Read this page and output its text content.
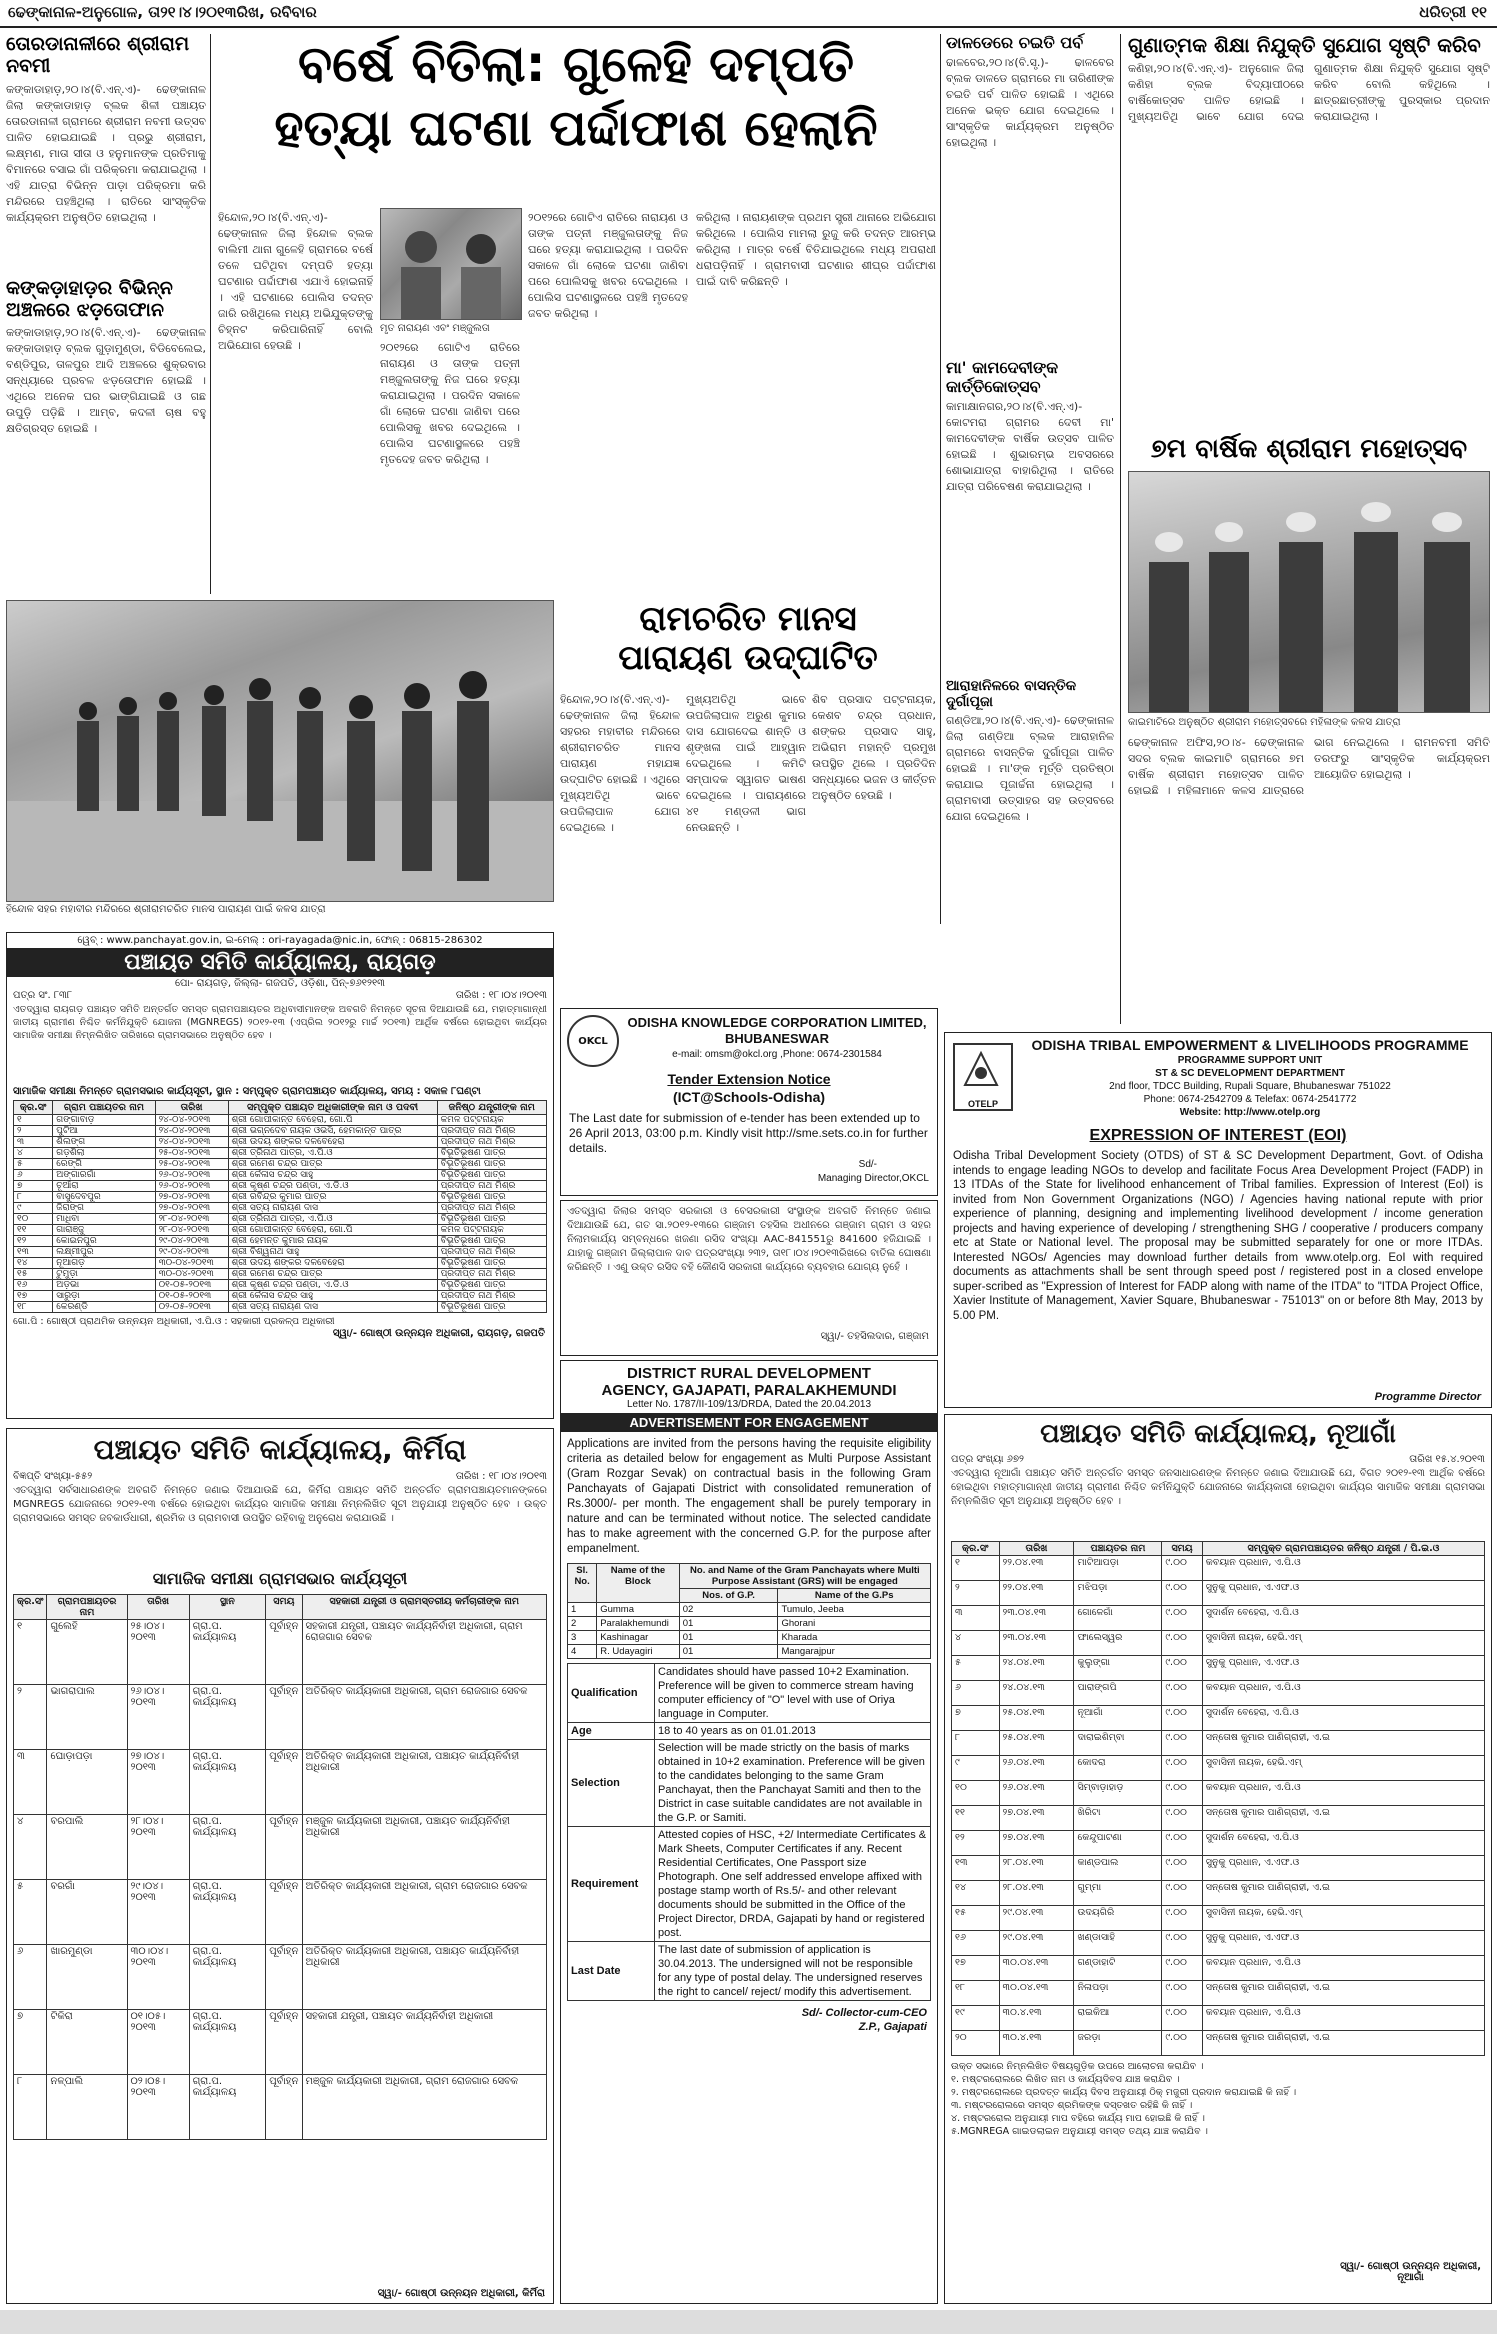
ଢେଙ୍କାନାଳ-ଅନୁଗୋଳ, ତା୨୧।୪।୨୦୧୩ରିଖ, ରବିବାର	ଧରିତ୍ରୀ ୧୧
ତୋରଡାନାଳୀରେ ଶ୍ରୀରାମ ନବମୀ
କଙ୍କାଡାହାଡ଼,୨୦।୪(ବି.ଏନ୍.ଏ)- ଢେଙ୍କାନାଳ ଜିଲା କଙ୍କାଡାହାଡ଼ ବ୍ଲକ ଶିଳୀ ପଞ୍ଚାୟତ ତୋରଡାନାଳୀ ଗ୍ରାମରେ ଶ୍ରୀରାମ ନବମୀ ଉତ୍ସବ ପାଳିତ ହୋଇଯାଇଛି । ପ୍ରଭୁ ଶ୍ରୀରାମ, ଲକ୍ଷ୍ମଣ, ମାତା ସୀତା ଓ ହନୁମାନଙ୍କ ପ୍ରତିମାକୁ ବିମାନରେ ବସାଇ ଗାଁ ପରିକ୍ରମା କରାଯାଇଥିଲା । ଏହି ଯାତ୍ରା ବିଭିନ୍ନ ପାଡ଼ା ପରିକ୍ରମା କରି ମନ୍ଦିରରେ ପହଞ୍ଚିଥିଲା । ରାତିରେ ସାଂସ୍କୃତିକ କାର୍ଯ୍ୟକ୍ରମ ଅନୁଷ୍ଠିତ ହୋଇଥିଲା ।
କଙ୍କଡ଼ାହାଡ଼ର ବିଭିନ୍ନ ଅଞ୍ଚଳରେ ଝଡ଼ତୋଫାନ
କଙ୍କାଡାହାଡ଼,୨୦।୪(ବି.ଏନ୍.ଏ)- ଢେଙ୍କାନାଳ କଙ୍କାଡାହାଡ଼ ବ୍ଲକ ଗୁଡ଼ାମୁଣ୍ଡା, ବିଡିବେଲେଇ, ବଣ୍ଡିପୁର, ତାଳପୁର ଆଦି ଅଞ୍ଚଳରେ ଶୁକ୍ରବାର ସନ୍ଧ୍ୟାରେ ପ୍ରବଳ ଝଡ଼ତୋଫାନ ହୋଇଛି । ଏଥିରେ ଅନେକ ଘର ଭାଙ୍ଗିଯାଇଛି ଓ ଗଛ ଉପୁଡ଼ି ପଡ଼ିଛି । ଆମ୍ବ, କଦଳୀ ଚାଷ ବହୁ କ୍ଷତିଗ୍ରସ୍ତ ହୋଇଛି ।
ବର୍ଷେ ବିତିଲା: ଗୁଳେହି ଦମ୍ପତି
ହତ୍ୟା ଘଟଣା ପର୍ଦ୍ଦାଫାଶ ହେଲାନି
ହିନ୍ଦୋଳ,୨୦।୪(ବି.ଏନ୍.ଏ)- ଢେଙ୍କାନାଳ ଜିଲା ହିନ୍ଦୋଳ ବ୍ଲକ ବାଲିମୀ ଥାନା ଗୁଳେହି ଗ୍ରାମରେ ବର୍ଷେ ତଳେ ଘଟିଥିବା ଦମ୍ପତି ହତ୍ୟା ଘଟଣାର ପର୍ଦ୍ଦାଫାଶ ଏଯାଏଁ ହୋଇନାହିଁ । ଏହି ଘଟଣାରେ ପୋଲିସ ତଦନ୍ତ ଜାରି ରଖିଥିଲେ ମଧ୍ୟ ଅଭିଯୁକ୍ତଙ୍କୁ ଚିହ୍ନଟ କରିପାରିନାହିଁ ବୋଲି ଅଭିଯୋଗ ହେଉଛି ।
ମୃତ ନାରାୟଣ ଏବଂ ମଞ୍ଜୁଲତା
୨୦୧୨ରେ ଗୋଟିଏ ରାତିରେ ନାରାୟଣ ଓ ତାଙ୍କ ପତ୍ନୀ ମଞ୍ଜୁଲତାଙ୍କୁ ନିଜ ଘରେ ହତ୍ୟା କରାଯାଇଥିଲା । ପରଦିନ ସକାଳେ ଗାଁ ଲୋକେ ଘଟଣା ଜାଣିବା ପରେ ପୋଲିସକୁ ଖବର ଦେଇଥିଲେ । ପୋଲିସ ଘଟଣାସ୍ଥଳରେ ପହଞ୍ଚି ମୃତଦେହ ଜବତ କରିଥିଲା ।
୨୦୧୨ରେ ଗୋଟିଏ ରାତିରେ ନାରାୟଣ ଓ ତାଙ୍କ ପତ୍ନୀ ମଞ୍ଜୁଲତାଙ୍କୁ ନିଜ ଘରେ ହତ୍ୟା କରାଯାଇଥିଲା । ପରଦିନ ସକାଳେ ଗାଁ ଲୋକେ ଘଟଣା ଜାଣିବା ପରେ ପୋଲିସକୁ ଖବର ଦେଇଥିଲେ । ପୋଲିସ ଘଟଣାସ୍ଥଳରେ ପହଞ୍ଚି ମୃତଦେହ ଜବତ କରିଥିଲା ।
କରିଥିଲା । ନାରାୟଣଙ୍କ ପ୍ରଥମ ସ୍ତ୍ରୀ ଥାନାରେ ଅଭିଯୋଗ କରିଥିଲେ । ପୋଲିସ ମାମଲା ରୁଜୁ କରି ତଦନ୍ତ ଆରମ୍ଭ କରିଥିଲା । ମାତ୍ର ବର୍ଷେ ବିତିଯାଇଥିଲେ ମଧ୍ୟ ଅପରାଧୀ ଧରାପଡ଼ିନାହିଁ । ଗ୍ରାମବାସୀ ଘଟଣାର ଶୀଘ୍ର ପର୍ଦ୍ଦାଫାଶ ପାଇଁ ଦାବି କରିଛନ୍ତି ।
ହିନ୍ଦୋଳ ସହର ମହାବୀର ମନ୍ଦିରରେ ଶ୍ରୀରାମଚରିତ ମାନସ ପାରାୟଣ ପାଇଁ କଳସ ଯାତ୍ରା
ରାମଚରିତ ମାନସ
ପାରାୟଣ ଉଦ୍‌ଘାଟିତ
ହିନ୍ଦୋଳ,୨୦।୪(ବି.ଏନ୍.ଏ)- ଢେଙ୍କାନାଳ ଜିଲା ହିନ୍ଦୋଳ ସହରର ମହାବୀର ମନ୍ଦିରରେ ଶ୍ରୀରାମଚରିତ ମାନସ ପାରାୟଣ ମହାଯଜ୍ଞ ଉଦ୍‌ଘାଟିତ ହୋଇଛି । ଏଥିରେ ମୁଖ୍ୟଅତିଥି ଭାବେ ଉପଜିଲାପାଳ ଯୋଗ ଦେଇଥିଲେ ।
ମୁଖ୍ୟଅତିଥି ଭାବେ ଉପଜିଲାପାଳ ଅରୁଣ କୁମାର ଦାସ ଯୋଗଦେଇ ଶାନ୍ତି ଓ ଶୃଙ୍ଖଳା ପାଇଁ ଆହ୍ୱାନ ଦେଇଥିଲେ । କମିଟି ସମ୍ପାଦକ ସ୍ୱାଗତ ଭାଷଣ ଦେଇଥିଲେ । ପାରାୟଣରେ ୪୧ ମଣ୍ଡଳୀ ଭାଗ ନେଉଛନ୍ତି ।
ଶିବ ପ୍ରସାଦ ପଟ୍ଟନାୟକ, କେଶବ ଚନ୍ଦ୍ର ପ୍ରଧାନ, ଶଙ୍କର ପ୍ରସାଦ ସାହୁ, ଅଭିରାମ ମହାନ୍ତି ପ୍ରମୁଖ ଉପସ୍ଥିତ ଥିଲେ । ପ୍ରତିଦିନ ସନ୍ଧ୍ୟାରେ ଭଜନ ଓ କୀର୍ତ୍ତନ ଅନୁଷ୍ଠିତ ହେଉଛି ।
ଡାଳଡେରେ ଚଇତି ପର୍ବ
ଢାଳବେର,୨୦।୪(ବି.ସୃ.)- ଢାଳବେର ବ୍ଲକ ଡାଳଡେ ଗ୍ରାମରେ ମା ତାରିଣୀଙ୍କ ଚଇତି ପର୍ବ ପାଳିତ ହୋଇଛି । ଏଥିରେ ଅନେକ ଭକ୍ତ ଯୋଗ ଦେଇଥିଲେ । ସାଂସ୍କୃତିକ କାର୍ଯ୍ୟକ୍ରମ ଅନୁଷ୍ଠିତ ହୋଇଥିଲା ।
ମା' କାମଦେବୀଙ୍କ କାର୍ତ୍ତିକୋତ୍ସବ
କାମାକ୍ଷାନଗର,୨୦।୪(ବି.ଏନ୍.ଏ)- କୋଟମରା ଗ୍ରାମର ଦେବୀ ମା' କାମଦେବୀଙ୍କ ବାର୍ଷିକ ଉତ୍ସବ ପାଳିତ ହୋଇଛି । ଶୁଭାରମ୍ଭ ଅବସରରେ ଶୋଭାଯାତ୍ରା ବାହାରିଥିଲା । ରାତିରେ ଯାତ୍ରା ପରିବେଷଣ କରାଯାଇଥିଲା ।
ଆରାହାନିଳରେ ବାସନ୍ତିକ ଦୁର୍ଗାପୂଜା
ଗଣ୍ଡିଆ,୨୦।୪(ବି.ଏନ୍.ଏ)- ଢେଙ୍କାନାଳ ଜିଲା ଗଣ୍ଡିଆ ବ୍ଲକ ଆରାହାନିଳ ଗ୍ରାମରେ ବାସନ୍ତିକ ଦୁର୍ଗାପୂଜା ପାଳିତ ହୋଇଛି । ମା'ଙ୍କ ମୂର୍ତ୍ତି ପ୍ରତିଷ୍ଠା କରାଯାଇ ପୂଜାର୍ଚ୍ଚନା ହୋଇଥିଲା । ଗ୍ରାମବାସୀ ଉତ୍ସାହର ସହ ଉତ୍ସବରେ ଯୋଗ ଦେଇଥିଲେ ।
ଗୁଣାତ୍ମକ ଶିକ୍ଷା ନିଯୁକ୍ତି ସୁଯୋଗ ସୃଷ୍ଟି କରିବ
କଣିହା,୨୦।୪(ବି.ଏନ୍.ଏ)- ଅନୁଗୋଳ ଜିଲା କଣିହା ବ୍ଲକ ବିଦ୍ୟାପୀଠରେ ବାର୍ଷିକୋତ୍ସବ ପାଳିତ ହୋଇଛି । ମୁଖ୍ୟଅତିଥି ଭାବେ ଯୋଗ ଦେଇ ଗୁଣାତ୍ମକ ଶିକ୍ଷା ନିଯୁକ୍ତି ସୁଯୋଗ ସୃଷ୍ଟି କରିବ ବୋଲି କହିଥିଲେ । ଛାତ୍ରଛାତ୍ରୀଙ୍କୁ ପୁରସ୍କାର ପ୍ରଦାନ କରାଯାଇଥିଲା ।
୭ମ ବାର୍ଷିକ ଶ୍ରୀରାମ ମହୋତ୍ସବ
କାଇମାଟିରେ ଅନୁଷ୍ଠିତ ଶ୍ରୀରାମ ମହୋତ୍ସବରେ ମହିଳାଙ୍କ କଳସ ଯାତ୍ରା
ଢେଙ୍କାନାଳ ଅଫିସ,୨୦।୪- ଢେଙ୍କାନାଳ ସଦର ବ୍ଲକ କାଇମାଟି ଗ୍ରାମରେ ୭ମ ବାର୍ଷିକ ଶ୍ରୀରାମ ମହୋତ୍ସବ ପାଳିତ ହୋଇଛି । ମହିଳାମାନେ କଳସ ଯାତ୍ରାରେ ଭାଗ ନେଇଥିଲେ । ରାମନବମୀ ସମିତି ତରଫରୁ ସାଂସ୍କୃତିକ କାର୍ଯ୍ୟକ୍ରମ ଆୟୋଜିତ ହୋଇଥିଲା ।
ୱେବ୍ : www.panchayat.gov.in, ଇ-ମେଲ୍ : ori-rayagada@nic.in, ଫୋନ୍ : 06815-286302
ପଞ୍ଚାୟତ ସମିତି କାର୍ଯ୍ୟାଳୟ, ରାୟଗଡ଼
ପୋ- ରାୟଗଡ଼, ଜିଲ୍ଲା- ଗଜପତି, ଓଡ଼ିଶା, ପିନ୍-୭୬୧୨୧୩
ପତ୍ର ସଂ. ୮୩୮	ତାରିଖ : ୧୮।୦୪।୨୦୧୩
ଏତଦ୍ୱାରା ରାୟଗଡ଼ ପଞ୍ଚାୟତ ସମିତି ଅନ୍ତର୍ଗତ ସମସ୍ତ ଗ୍ରାମପଞ୍ଚାୟତର ଅଧିବାସୀମାନଙ୍କ ଅବଗତି ନିମନ୍ତେ ସୂଚନା ଦିଆଯାଉଛି ଯେ, ମହାତ୍ମାଗାନ୍ଧୀ ଜାତୀୟ ଗ୍ରାମୀଣ ନିଶ୍ଚିତ କର୍ମନିଯୁକ୍ତି ଯୋଜନା (MGNREGS) ୨୦୧୨-୧୩ (ଏପ୍ରିଲ ୨୦୧୨ରୁ ମାର୍ଚ୍ଚ ୨୦୧୩) ଆର୍ଥିକ ବର୍ଷରେ ହୋଇଥିବା କାର୍ଯ୍ୟର ସାମାଜିକ ସମୀକ୍ଷା ନିମ୍ନଲିଖିତ ତାରିଖରେ ଗ୍ରାମସଭାରେ ଅନୁଷ୍ଠିତ ହେବ ।
ସାମାଜିକ ସମୀକ୍ଷା ନିମନ୍ତେ ଗ୍ରାମସଭାର କାର୍ଯ୍ୟସୂଚୀ, ସ୍ଥାନ : ସମ୍ପୃକ୍ତ ଗ୍ରାମପଞ୍ଚାୟତ କାର୍ଯ୍ୟାଳୟ, ସମୟ : ସକାଳ ୮ଘଣ୍ଟା
କ୍ର.ସଂ	ଗ୍ରାମ ପଞ୍ଚାୟତର ନାମ	ତାରିଖ	ସମ୍ପୃକ୍ତ ପଞ୍ଚାୟତ ଅଧିକାରୀଙ୍କ ନାମ ଓ ପଦବୀ	ଜନିଷ୍ଠ ଯନ୍ତ୍ରୀଙ୍କ ନାମ
୧	ଗଙ୍ଗାବାଡ଼	୨୪-୦୪-୨୦୧୩	ଶ୍ରୀ ଗୋପୀକାନ୍ତ ବେହେରା, ଗୋ.ପି	କମଳ ପଟ୍ଟନାୟକ
୨	ପୁଟିଆ	୨୪-୦୪-୨୦୧୩	ଶ୍ରୀ ଭଗ୍ନଦେବ ନାୟକ ଓଭସି, ହେମକାନ୍ତ ପାତ୍ର	ପ୍ରଦୀପ୍ତ ନାଥ ମିଶ୍ର
୩	ଶିଲଙ୍ଗ	୨୪-୦୪-୨୦୧୩	ଶ୍ରୀ ଉଦୟ ଶଙ୍କର ଦଳବେହେରା	ପ୍ରଦୀପ୍ତ ନାଥ ମିଶ୍ର
୪	ଗଡ଼ଶିଲା	୨୫-୦୪-୨୦୧୩	ଶ୍ରୀ ତ୍ରିନାଥ ପାତ୍ର, ଏ.ପି.ଓ	ବିଭୂତିଭୂଷଣ ପାତ୍ର
୫	ରେଙ୍ଗି	୨୫-୦୪-୨୦୧୩	ଶ୍ରୀ ରମେଶ ଚନ୍ଦ୍ର ପାତ୍ର	ବିଭୂତିଭୂଷଣ ପାତ୍ର
୬	ଅଙ୍ଗାରଗାଁ	୨୬-୦୪-୨୦୧୩	ଶ୍ରୀ କୈଳାସ ଚନ୍ଦ୍ର ସାହୁ	ବିଭୂତିଭୂଷଣ ପାତ୍ର
୭	ଚୂଆଁରା	୨୬-୦୪-୨୦୧୩	ଶ୍ରୀ କୃଷ୍ଣ ଚନ୍ଦ୍ର ପଣ୍ଡା, ଏ.ଡି.ଓ	ପ୍ରଦୀପ୍ତ ନାଥ ମିଶ୍ର
୮	ବାସୁଦେବପୁର	୨୭-୦୪-୨୦୧୩	ଶ୍ରୀ ରବିନ୍ଦ୍ର କୁମାର ପାତ୍ର	ବିଭୂତିଭୂଷଣ ପାତ୍ର
୯	ଜିରାଙ୍ଗ	୨୭-୦୪-୨୦୧୩	ଶ୍ରୀ ସତ୍ୟ ନାରାୟଣ ଦାସ	ପ୍ରଦୀପ୍ତ ନାଥ ମିଶ୍ର
୧୦	ମାଧିବା	୨୮-୦୪-୨୦୧୩	ଶ୍ରୀ ତ୍ରିନାଥ ପାତ୍ର, ଏ.ପି.ଓ	ବିଭୂତିଭୂଷଣ ପାତ୍ର
୧୧	ଗାରାଞ୍ଜୁ	୨୮-୦୪-୨୦୧୩	ଶ୍ରୀ ଗୋପୀକାନ୍ତ ବେହେରା, ଗୋ.ପି	କମଳ ପଟ୍ଟନାୟକ
୧୨	କୋଇନପୁର	୨୯-୦୪-୨୦୧୩	ଶ୍ରୀ ହେମନ୍ତ କୁମାର ନାୟକ	ବିଭୂତିଭୂଷଣ ପାତ୍ର
୧୩	ଲକ୍ଷ୍ମୀପୁର	୨୯-୦୪-୨୦୧୩	ଶ୍ରୀ ବିଶ୍ୱନାଥ ସାହୁ	ପ୍ରଦୀପ୍ତ ନାଥ ମିଶ୍ର
୧୪	ନୂଆଗଡ଼	୩୦-୦୪-୨୦୧୩	ଶ୍ରୀ ଉଦୟ ଶଙ୍କର ଦଳବେହେରା	ବିଭୂତିଭୂଷଣ ପାତ୍ର
୧୫	ଟୁମୁଡ଼ା	୩୦-୦୪-୨୦୧୩	ଶ୍ରୀ ରମେଶ ଚନ୍ଦ୍ର ପାତ୍ର	ପ୍ରଦୀପ୍ତ ନାଥ ମିଶ୍ର
୧୬	ଅଡ଼ଭା	୦୧-୦୫-୨୦୧୩	ଶ୍ରୀ କୃଷ୍ଣ ଚନ୍ଦ୍ର ପଣ୍ଡା, ଏ.ଡି.ଓ	ବିଭୂତିଭୂଷଣ ପାତ୍ର
୧୭	ସାରୁଡ଼ା	୦୧-୦୫-୨୦୧୩	ଶ୍ରୀ କୈଳାସ ଚନ୍ଦ୍ର ସାହୁ	ପ୍ରଦୀପ୍ତ ନାଥ ମିଶ୍ର
୧୮	କେରଣ୍ଡି	୦୨-୦୫-୨୦୧୩	ଶ୍ରୀ ସତ୍ୟ ନାରାୟଣ ଦାସ	ବିଭୂତିଭୂଷଣ ପାତ୍ର
ଗୋ.ପି : ଗୋଷ୍ଠୀ ପ୍ରାଥମିକ ଉନ୍ନୟନ ଅଧିକାରୀ, ଏ.ପି.ଓ : ସହକାରୀ ପ୍ରକଳ୍ପ ଅଧିକାରୀ
ସ୍ୱା/- ଗୋଷ୍ଠୀ ଉନ୍ନୟନ ଅଧିକାରୀ, ରାୟଗଡ଼, ଗଜପତି
ପଞ୍ଚାୟତ ସମିତି କାର୍ଯ୍ୟାଳୟ, କିର୍ମିରା
ବିଜ୍ଞପ୍ତି ସଂଖ୍ୟା-୫୫୨	ତାରିଖ : ୧୮।୦୪।୨୦୧୩
ଏତଦ୍ୱାରା ସର୍ବସାଧାରଣଙ୍କ ଅବଗତି ନିମନ୍ତେ ଜଣାଇ ଦିଆଯାଉଛି ଯେ, କିର୍ମିରା ପଞ୍ଚାୟତ ସମିତି ଅନ୍ତର୍ଗତ ଗ୍ରାମପଞ୍ଚାୟତମାନଙ୍କରେ MGNREGS ଯୋଜନାରେ ୨୦୧୨-୧୩ ବର୍ଷରେ ହୋଇଥିବା କାର୍ଯ୍ୟର ସାମାଜିକ ସମୀକ୍ଷା ନିମ୍ନଲିଖିତ ସୂଚୀ ଅନୁଯାୟୀ ଅନୁଷ୍ଠିତ ହେବ । ଉକ୍ତ ଗ୍ରାମସଭାରେ ସମସ୍ତ ଜବକାର୍ଡଧାରୀ, ଶ୍ରମିକ ଓ ଗ୍ରାମବାସୀ ଉପସ୍ଥିତ ରହିବାକୁ ଅନୁରୋଧ କରାଯାଉଛି ।
ସାମାଜିକ ସମୀକ୍ଷା ଗ୍ରାମସଭାର କାର୍ଯ୍ୟସୂଚୀ
କ୍ର.ସଂ	ଗ୍ରାମପଞ୍ଚାୟତର ନାମ	ତାରିଖ	ସ୍ଥାନ	ସମୟ	ସହକାରୀ ଯନ୍ତ୍ରୀ ଓ ଗ୍ରାମସ୍ତରୀୟ କର୍ମଚାରୀଙ୍କ ନାମ
୧	ଗୁଲେହି	୨୫।୦୪।୨୦୧୩	ଗ୍ରା.ପ. କାର୍ଯ୍ୟାଳୟ	ପୂର୍ବାହ୍ନ	ସହକାରୀ ଯନ୍ତ୍ରୀ, ପଞ୍ଚାୟତ କାର୍ଯ୍ୟନିର୍ବାହୀ ଅଧିକାରୀ, ଗ୍ରାମ ରୋଜଗାର ସେବକ
୨	ଭାଗରାପାଲ	୨୬।୦୪।୨୦୧୩	ଗ୍ରା.ପ. କାର୍ଯ୍ୟାଳୟ	ପୂର୍ବାହ୍ନ	ଅତିରିକ୍ତ କାର୍ଯ୍ୟକାରୀ ଅଧିକାରୀ, ଗ୍ରାମ ରୋଜଗାର ସେବକ
୩	ଘୋଡ଼ାପଡ଼ା	୨୭।୦୪।୨୦୧୩	ଗ୍ରା.ପ. କାର୍ଯ୍ୟାଳୟ	ପୂର୍ବାହ୍ନ	ଅତିରିକ୍ତ କାର୍ଯ୍ୟକାରୀ ଅଧିକାରୀ, ପଞ୍ଚାୟତ କାର୍ଯ୍ୟନିର୍ବାହୀ ଅଧିକାରୀ
୪	ବରପାଲି	୨୮।୦୪।୨୦୧୩	ଗ୍ରା.ପ. କାର୍ଯ୍ୟାଳୟ	ପୂର୍ବାହ୍ନ	ମଞ୍ଜୁଳ କାର୍ଯ୍ୟକାରୀ ଅଧିକାରୀ, ପଞ୍ଚାୟତ କାର୍ଯ୍ୟନିର୍ବାହୀ ଅଧିକାରୀ
୫	ବରଗାଁ	୨୯।୦୪।୨୦୧୩	ଗ୍ରା.ପ. କାର୍ଯ୍ୟାଳୟ	ପୂର୍ବାହ୍ନ	ଅତିରିକ୍ତ କାର୍ଯ୍ୟକାରୀ ଅଧିକାରୀ, ଗ୍ରାମ ରୋଜଗାର ସେବକ
୬	ଖାରମୁଣ୍ଡା	୩୦।୦୪।୨୦୧୩	ଗ୍ରା.ପ. କାର୍ଯ୍ୟାଳୟ	ପୂର୍ବାହ୍ନ	ଅତିରିକ୍ତ କାର୍ଯ୍ୟକାରୀ ଅଧିକାରୀ, ପଞ୍ଚାୟତ କାର୍ଯ୍ୟନିର୍ବାହୀ ଅଧିକାରୀ
୭	ଟିକିରା	୦୧।୦୫।୨୦୧୩	ଗ୍ରା.ପ. କାର୍ଯ୍ୟାଳୟ	ପୂର୍ବାହ୍ନ	ସହକାରୀ ଯନ୍ତ୍ରୀ, ପଞ୍ଚାୟତ କାର୍ଯ୍ୟନିର୍ବାହୀ ଅଧିକାରୀ
୮	ନଳ୍ପାଲି	୦୨।୦୫।୨୦୧୩	ଗ୍ରା.ପ. କାର୍ଯ୍ୟାଳୟ	ପୂର୍ବାହ୍ନ	ମଞ୍ଜୁଳ କାର୍ଯ୍ୟକାରୀ ଅଧିକାରୀ, ଗ୍ରାମ ରୋଜଗାର ସେବକ
ସ୍ୱା/- ଗୋଷ୍ଠୀ ଉନ୍ନୟନ ଅଧିକାରୀ, କିର୍ମିରା
OKCL
ODISHA KNOWLEDGE CORPORATION LIMITED,
BHUBANESWAR
e-mail: omsm@okcl.org ,Phone: 0674-2301584
Tender Extension Notice
(ICT@Schools-Odisha)
The Last date for submission of e-tender has been extended up to 26 April 2013, 03:00 p.m. Kindly visit http://sme.sets.co.in for further details.
Sd/-
Managing Director,OKCL
ଏତଦ୍ୱାରା ଜିଲାର ସମସ୍ତ ସରକାରୀ ଓ ବେସରକାରୀ ସଂସ୍ଥାଙ୍କ ଅବଗତି ନିମନ୍ତେ ଜଣାଇ ଦିଆଯାଉଛି ଯେ, ଗତ ସା.୨୦୧୨-୧୩ରେ ଗଞ୍ଜାମ ତହସିଲ ଅଧୀନରେ ଗଞ୍ଜାମ ଗ୍ରାମ ଓ ସହର ନିଲାମକାର୍ଯ୍ୟ ସମ୍ବନ୍ଧରେ ଖଜଣା ରସିଦ ସଂଖ୍ୟା AAC-841551ରୁ 841600 ହଜିଯାଇଛି । ଯାହାକୁ ଗଞ୍ଜାମ ଜିଲ୍ଲାପାଳ ଦାବ ପତ୍ରସଂଖ୍ୟା ୨୩୨, ତା୧୮।୦୪।୨୦୧୩ରିଖରେ ବାତିଲ ଘୋଷଣା କରିଛନ୍ତି । ଏଣୁ ଉକ୍ତ ରସିଦ ବହି କୌଣସି ସରକାରୀ କାର୍ଯ୍ୟରେ ବ୍ୟବହାର ଯୋଗ୍ୟ ନୁହେଁ ।
ସ୍ୱା/- ତହସିଲଦାର, ଗଞ୍ଜାମ
DISTRICT RURAL DEVELOPMENT
AGENCY, GAJAPATI, PARALAKHEMUNDI
Letter No. 1787/II-109/13/DRDA, Dated the 20.04.2013
ADVERTISEMENT FOR ENGAGEMENT
Applications are invited from the persons having the requisite eligibility criteria as detailed below for engagement as Multi Purpose Assistant (Gram Rozgar Sevak) on contractual basis in the following Gram Panchayats of Gajapati District with consolidated remuneration of Rs.3000/- per month. The engagement shall be purely temporary in nature and can be terminated without notice. The selected candidate has to make agreement with the concerned G.P. for the purpose after empanelment.
Sl. No.	Name of the Block	No. and Name of the Gram Panchayats where Multi Purpose Assistant (GRS) will be engaged	
		Nos. of G.P.	Name of the G.Ps
1	Gumma	02	Tumulo, Jeeba
2	Paralakhemundi	01	Ghorani
3	Kashinagar	01	Kharada
4	R. Udayagiri	01	Mangarajpur
Qualification	Candidates should have passed 10+2 Examination. Preference will be given to commerce stream having computer efficiency of "O" level with use of Oriya language in Computer.
Age	18 to 40 years as on 01.01.2013
Selection	Selection will be made strictly on the basis of marks obtained in 10+2 examination. Preference will be given to the candidates belonging to the same Gram Panchayat, then the Panchayat Samiti and then to the District in case suitable candidates are not available in the G.P. or Samiti.
Requirement	Attested copies of HSC, +2/ Intermediate Certificates & Mark Sheets, Computer Certificates if any. Recent Residential Certificates, One Passport size Photograph. One self addressed envelope affixed with postage stamp worth of Rs.5/- and other relevant documents should be submitted in the Office of the Project Director, DRDA, Gajapati by hand or registered post.
Last Date	The last date of submission of application is 30.04.2013. The undersigned will not be responsible for any type of postal delay. The undersigned reserves the right to cancel/ reject/ modify this advertisement.
Sd/- Collector-cum-CEO
Z.P., Gajapati
OTELP
ODISHA TRIBAL EMPOWERMENT & LIVELIHOODS PROGRAMME
PROGRAMME SUPPORT UNIT
ST & SC DEVELOPMENT DEPARTMENT
2nd floor, TDCC Building, Rupali Square, Bhubaneswar 751022
Phone: 0674-2542709 & Telefax: 0674-2541772
Website: http://www.otelp.org
EXPRESSION OF INTEREST (EOI)
Odisha Tribal Development Society (OTDS) of ST & SC Development Department, Govt. of Odisha intends to engage leading NGOs to develop and facilitate Focus Area Development Project (FADP) in 13 ITDAs of the State for livelihood enhancement of Tribal families. Expression of Interest (EoI) is invited from Non Government Organizations (NGO) / Agencies having national repute with prior experience of planning, designing and implementing livelihood development / income generation projects and having experience of developing / strengthening SHG / cooperative / producers company etc at State or National level. The proposal may be submitted separately for one or more ITDAs. Interested NGOs/ Agencies may download further details from www.otelp.org. EoI with required documents as attachments shall be sent through speed post / registered post in a closed envelope super-scribed as "Expression of Interest for FADP along with name of the ITDA" to "ITDA Project Office, Xavier Institute of Management, Xavier Square, Bhubaneswar - 751013" on or before 8th May, 2013 by 5.00 PM.
Programme Director
ପଞ୍ଚାୟତ ସମିତି କାର୍ଯ୍ୟାଳୟ, ନୂଆଗାଁ
ପତ୍ର ସଂଖ୍ୟା ୬୭୨	ତାରିଖ ୧୫.୪.୨୦୧୩
ଏତଦ୍ୱାରା ନୂଆଗାଁ ପଞ୍ଚାୟତ ସମିତି ଅନ୍ତର୍ଗତ ସମସ୍ତ ଜନସାଧାରଣଙ୍କ ନିମନ୍ତେ ଜଣାଇ ଦିଆଯାଉଛି ଯେ, ବିଗତ ୨୦୧୨-୧୩ ଆର୍ଥିକ ବର୍ଷରେ ହୋଇଥିବା ମହାତ୍ମାଗାନ୍ଧୀ ଜାତୀୟ ଗ୍ରାମୀଣ ନିଶ୍ଚିତ କର୍ମନିଯୁକ୍ତି ଯୋଜନାରେ କାର୍ଯ୍ୟକାରୀ ହୋଇଥିବା କାର୍ଯ୍ୟର ସାମାଜିକ ସମୀକ୍ଷା ଗ୍ରାମସଭା ନିମ୍ନଲିଖିତ ସୂଚୀ ଅନୁଯାୟୀ ଅନୁଷ୍ଠିତ ହେବ ।
କ୍ର.ସଂ	ତାରିଖ	ପଞ୍ଚାୟତର ନାମ	ସମୟ	ସମ୍ପୃକ୍ତ ଗ୍ରାମପଞ୍ଚାୟତର ଜନିଷ୍ଠ ଯନ୍ତ୍ରୀ / ପି.ଇ.ଓ
୧	୨୨.୦୪.୧୩	ମାଟିଆପଡ଼ା	୯.୦୦	କବୟାନ ପ୍ରଧାନ, ଏ.ପି.ଓ
୨	୨୨.୦୪.୧୩	ମଝିପଡ଼ା	୯.୦୦	ସୁନୁକୁ ପ୍ରଧାନ, ଏ.ଏଫ.ଓ
୩	୨୩.୦୪.୧୩	ଗୋଳେଗାଁ	୯.୦୦	ସୁଦାର୍ଶନ ବେହେରା, ଏ.ପି.ଓ
୪	୨୩.୦୪.୧୩	ଫାଲେସ୍ୱର	୯.୦୦	ସୁବାସିନୀ ନାୟକ, ହେଭି.ଏମ୍
୫	୨୪.୦୪.୧୩	କୁଲୁଙ୍ଗା	୯.୦୦	ସୁନୁକୁ ପ୍ରଧାନ, ଏ.ଏଫ.ଓ
୬	୨୪.୦୪.୧୩	ପାରାଙ୍ଗପି	୯.୦୦	କବୟାନ ପ୍ରଧାନ, ଏ.ପି.ଓ
୭	୨୫.୦୪.୧୩	ନୂଆଗାଁ	୯.୦୦	ସୁଦାର୍ଶନ ବେହେରା, ଏ.ପି.ଓ
୮	୨୫.୦୪.୧୩	ଦାରାଇଶିମ୍ବା	୯.୦୦	ସନ୍ତୋଷ କୁମାର ପାଣିଗ୍ରାହୀ, ଏ.ଇ
୯	୨୬.୦୪.୧୩	କୋଦରା	୯.୦୦	ସୁବାସିନୀ ନାୟକ, ହେଭି.ଏମ୍
୧୦	୨୬.୦୪.୧୩	ସିମ୍ବାଡ଼ାହାଡ଼	୯.୦୦	କବୟାନ ପ୍ରଧାନ, ଏ.ପି.ଓ
୧୧	୨୭.୦୪.୧୩	ଖିରିଟା	୯.୦୦	ସନ୍ତୋଷ କୁମାର ପାଣିଗ୍ରାହୀ, ଏ.ଇ
୧୨	୨୭.୦୪.୧୩	କେନ୍ଦୁପାଟଣା	୯.୦୦	ସୁଦାର୍ଶନ ବେହେରା, ଏ.ପି.ଓ
୧୩	୨୮.୦୪.୧୩	କାଣ୍ଡପାଲ	୯.୦୦	ସୁନୁକୁ ପ୍ରଧାନ, ଏ.ଏଫ.ଓ
୧୪	୨୮.୦୪.୧୩	ଗୁମ୍ମା	୯.୦୦	ସନ୍ତୋଷ କୁମାର ପାଣିଗ୍ରାହୀ, ଏ.ଇ
୧୫	୨୯.୦୪.୧୩	ଉଦୟଗିରି	୯.୦୦	ସୁବାସିନୀ ନାୟକ, ହେଭି.ଏମ୍
୧୬	୨୯.୦୪.୧୩	ଖଣ୍ଡାସାହି	୯.୦୦	ସୁନୁକୁ ପ୍ରଧାନ, ଏ.ଏଫ.ଓ
୧୭	୩୦.୦୪.୧୩	ଗଣ୍ଡାହାଟି	୯.୦୦	କବୟାନ ପ୍ରଧାନ, ଏ.ପି.ଓ
୧୮	୩୦.୦୪.୧୩	ନିଳାପଡ଼ା	୯.୦୦	ସନ୍ତୋଷ କୁମାର ପାଣିଗ୍ରାହୀ, ଏ.ଇ
୧୯	୩୦.୪.୧୩	ରାଇକିଆ	୯.୦୦	କବୟାନ ପ୍ରଧାନ, ଏ.ପି.ଓ
୨୦	୩୦.୪.୧୩	ଜରଡ଼ା	୯.୦୦	ସନ୍ତୋଷ କୁମାର ପାଣିଗ୍ରାହୀ, ଏ.ଇ
ଉକ୍ତ ସଭାରେ ନିମ୍ନଲିଖିତ ବିଷୟଗୁଡ଼ିକ ଉପରେ ଆଲୋଚନା କରାଯିବ ।
୧. ମଷ୍ଟରରୋଲରେ ଲିଖିତ ନାମ ଓ କାର୍ଯ୍ୟଦିବସ ଯାଞ୍ଚ କରାଯିବ ।
୨. ମଷ୍ଟରରୋଲରେ ପ୍ରଦତ୍ତ କାର୍ଯ୍ୟ ଦିବସ ଅନୁଯାୟୀ ଠିକ୍ ମଜୁରୀ ପ୍ରଦାନ କରାଯାଇଛି କି ନାହିଁ ।
୩. ମଷ୍ଟରରୋଲରେ ସମସ୍ତ ଶ୍ରମିକଙ୍କ ଦସ୍ତଖତ ରହିଛି କି ନାହିଁ ।
୪. ମଷ୍ଟରରୋଲ ଅନୁଯାୟୀ ମାପ ବହିରେ କାର୍ଯ୍ୟ ମାପ ହୋଇଛି କି ନାହିଁ ।
୫.MGNREGA ଗାଇଡଲାଇନ ଅନୁଯାୟୀ ସମସ୍ତ ତଥ୍ୟ ଯାଞ୍ଚ କରାଯିବ ।
ସ୍ୱା/- ଗୋଷ୍ଠୀ ଉନ୍ନୟନ ଅଧିକାରୀ,
ନୂଆଗାଁ
